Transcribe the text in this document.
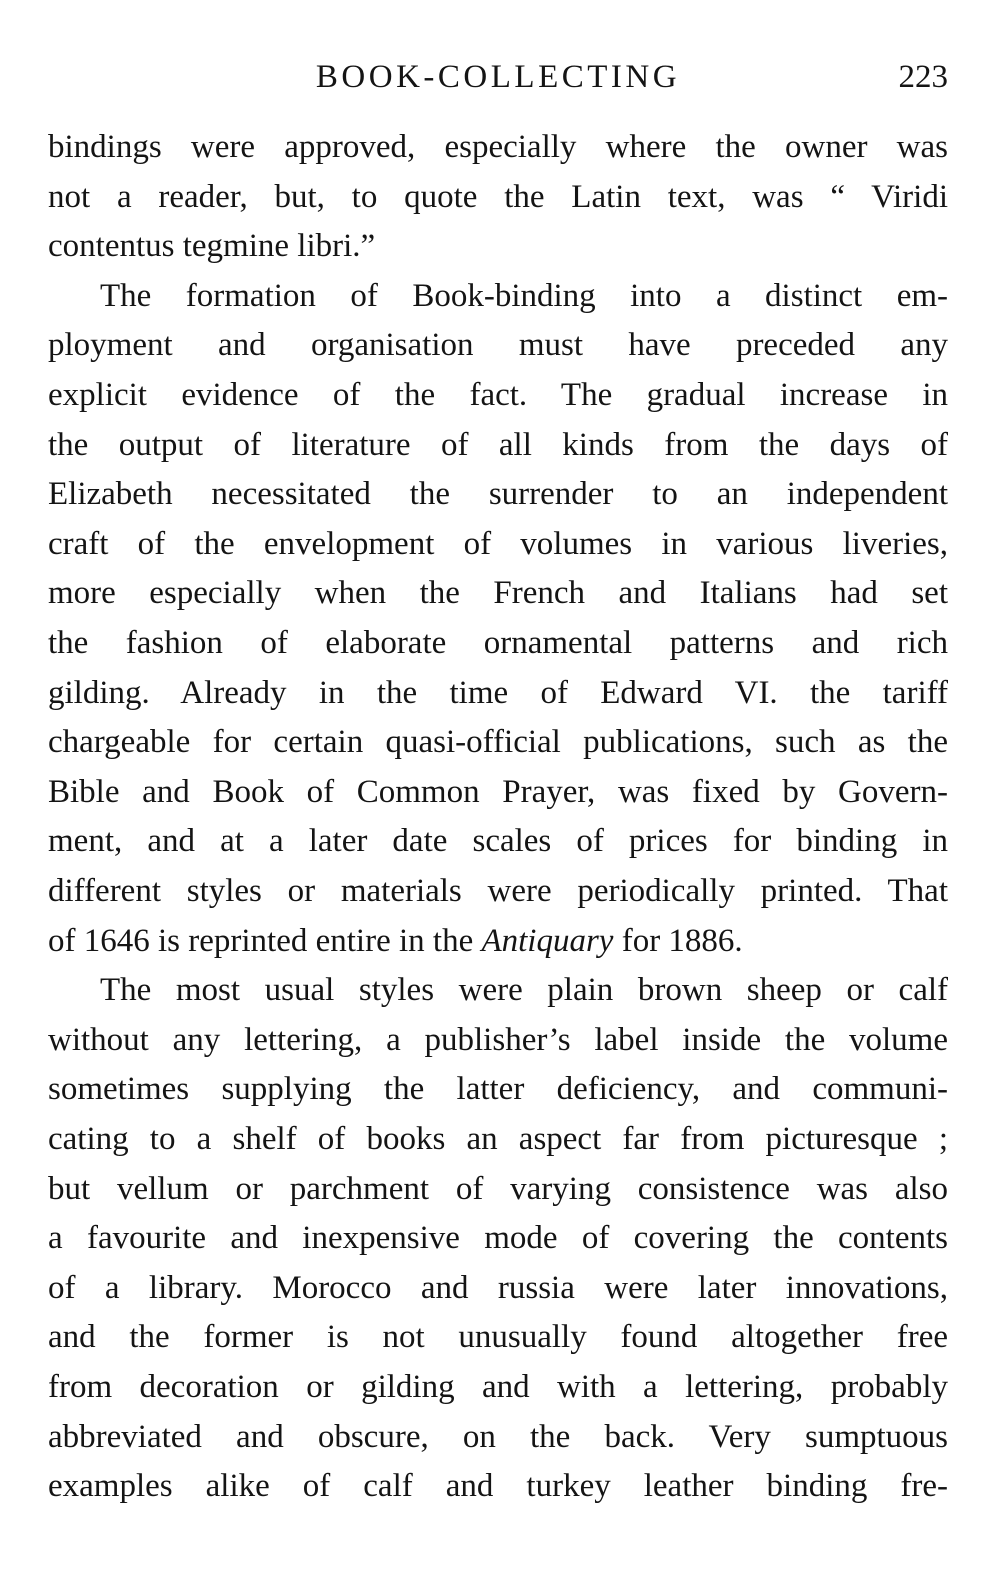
BOOK-COLLECTING	223
bindings were approved, especially where the owner was
not a reader, but, to quote the Latin text, was “ Viridi
contentus tegmine libri.”
The formation of Book-binding into a distinct em-
ployment and organisation must have preceded any
explicit evidence of the fact. The gradual increase in
the output of literature of all kinds from the days of
Elizabeth necessitated the surrender to an independent
craft of the envelopment of volumes in various liveries,
more especially when the French and Italians had set
the fashion of elaborate ornamental patterns and rich
gilding. Already in the time of Edward VI. the tariff
chargeable for certain quasi-official publications, such as the
Bible and Book of Common Prayer, was fixed by Govern-
ment, and at a later date scales of prices for binding in
different styles or materials were periodically printed. That
of 1646 is reprinted entire in the Antiquary for 1886.
The most usual styles were plain brown sheep or calf
without any lettering, a publisher’s label inside the volume
sometimes supplying the latter deficiency, and communi-
cating to a shelf of books an aspect far from picturesque ;
but vellum or parchment of varying consistence was also
a favourite and inexpensive mode of covering the contents
of a library. Morocco and russia were later innovations,
and the former is not unusually found altogether free
from decoration or gilding and with a lettering, probably
abbreviated and obscure, on the back. Very sumptuous
examples alike of calf and turkey leather binding fre-
